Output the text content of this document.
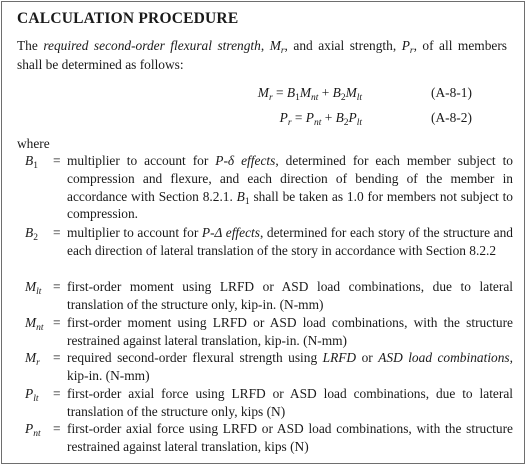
CALCULATION PROCEDURE
The required second-order flexural strength, $M_r$, and axial strength, $P_r$, of all members shall be determined as follows:
$M_r = B_1M_{nt} + B_2M_{lt}$	(A-8-1)
$P_r = P_{nt} + B_2P_{lt}$	(A-8-2)
where
$B_1$	= multiplier to account for P-δ effects, determined for each member subject to compression and flexure, and each direction of bending of the member in accordance with Section 8.2.1. $B_1$ shall be taken as 1.0 for members not subject to compression.
$B_2$	= multiplier to account for P-Δ effects, determined for each story of the structure and each direction of lateral translation of the story in accordance with Section 8.2.2
$M_{lt}$ = first-order moment using LRFD or ASD load combinations, due to lateral translation of the structure only, kip-in. (N-mm)
$M_{nt}$ = first-order moment using LRFD or ASD load combinations, with the structure restrained against lateral translation, kip-in. (N-mm)
$M_r$ = required second-order flexural strength using LRFD or ASD load combinations, kip-in. (N-mm)
$P_{lt}$	= first-order axial force using LRFD or ASD load combinations, due to lateral translation of the structure only, kips (N)
$P_{nt}$ = first-order axial force using LRFD or ASD load combinations, with the structure restrained against lateral translation, kips (N)
